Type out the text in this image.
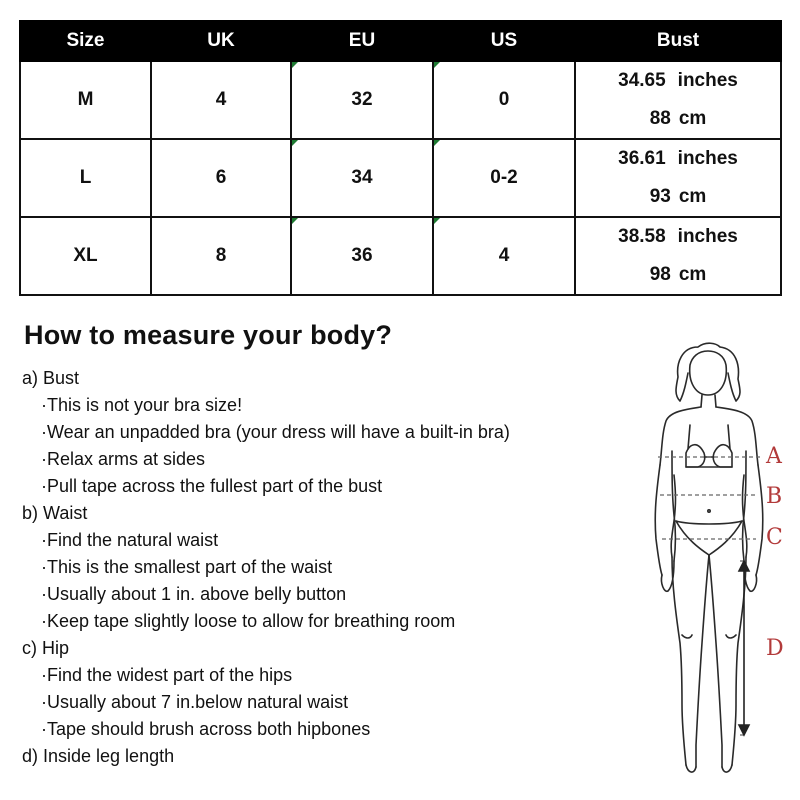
Size	UK	EU	US	Bust
M	4	32	0	34.65 inches
88 cm

L	6	34	0-2	36.61 inches
93 cm

XL	8	36	4	38.58 inches
98 cm
How to measure your body?
a) Bust
·This is not your bra size!
·Wear an unpadded bra (your dress will have a built-in bra)
·Relax arms at sides
·Pull tape across the fullest part of the bust
b) Waist
·Find the natural waist
·This is the smallest part of the waist
·Usually about 1 in. above belly button
·Keep tape slightly loose to allow for breathing room
c) Hip
·Find the widest part of the hips
·Usually about 7 in.below natural waist
·Tape should brush across both hipbones
d) Inside leg length
A
B
C
D
